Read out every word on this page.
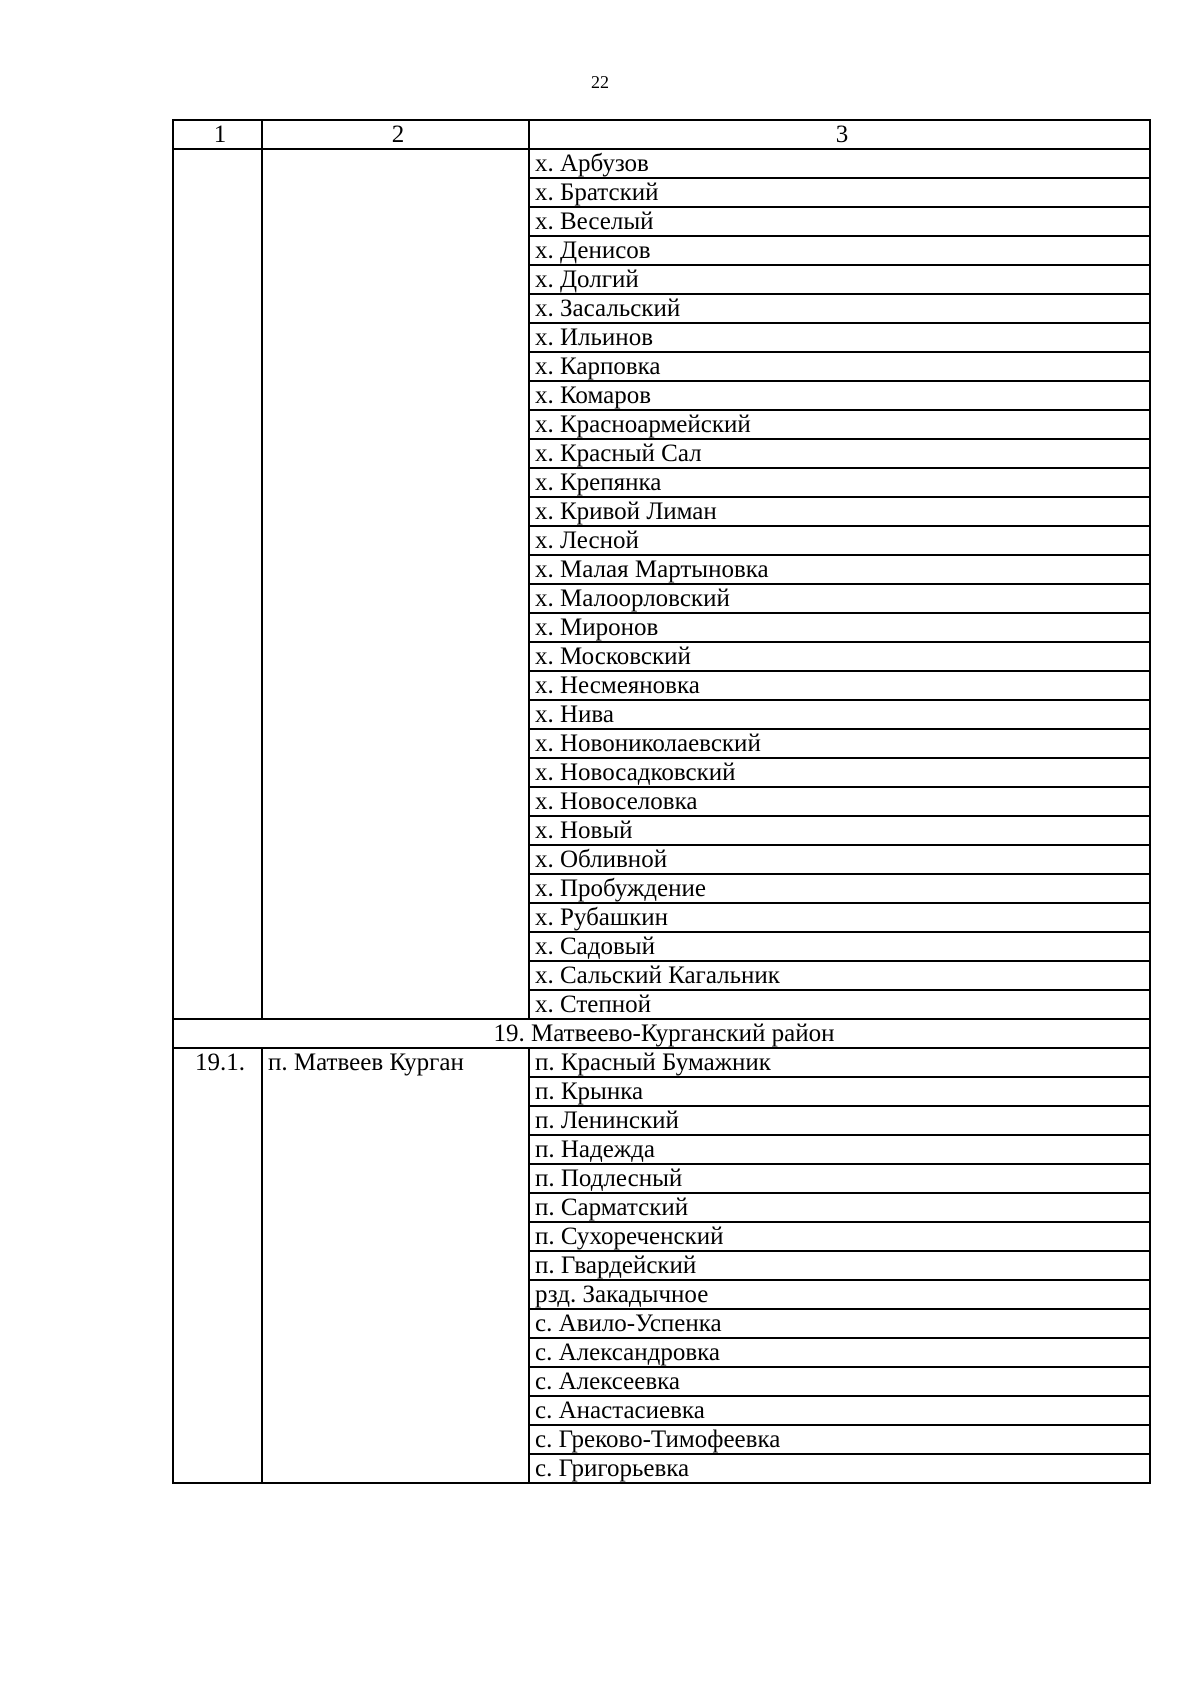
22
1	2	3
		х. Арбузов
		х. Братский
		х. Веселый
		х. Денисов
		х. Долгий
		х. Засальский
		х. Ильинов
		х. Карповка
		х. Комаров
		х. Красноармейский
		х. Красный Сал
		х. Крепянка
		х. Кривой Лиман
		х. Лесной
		х. Малая Мартыновка
		х. Малоорловский
		х. Миронов
		х. Московский
		х. Несмеяновка
		х. Нива
		х. Новониколаевский
		х. Новосадковский
		х. Новоселовка
		х. Новый
		х. Обливной
		х. Пробуждение
		х. Рубашкин
		х. Садовый
		х. Сальский Кагальник
		х. Степной
19. Матвеево-Курганский район		
19.1.	п. Матвеев Курган	п. Красный Бумажник
		п. Крынка
		п. Ленинский
		п. Надежда
		п. Подлесный
		п. Сарматский
		п. Сухореченский
		п. Гвардейский
		рзд. Закадычное
		с. Авило-Успенка
		с. Александровка
		с. Алексеевка
		с. Анастасиевка
		с. Греково-Тимофеевка
		с. Григорьевка
